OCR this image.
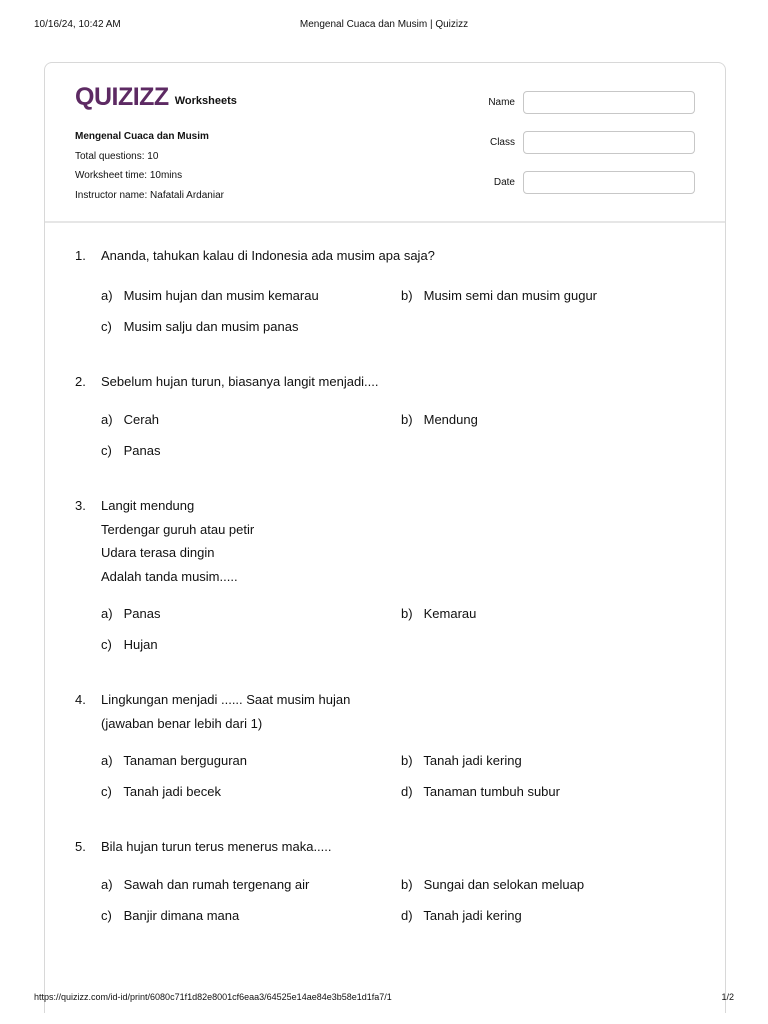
10/16/24, 10:42 AM	Mengenal Cuaca dan Musim | Quizizz
QUIZIZZ Worksheets
Mengenal Cuaca dan Musim
Total questions: 10
Worksheet time: 10mins
Instructor name: Nafatali Ardaniar
Name
Class
Date
1.	Ananda, tahukan kalau di Indonesia ada musim apa saja?
a) Musim hujan dan musim kemarau	b) Musim semi dan musim gugur
c) Musim salju dan musim panas
2.	Sebelum hujan turun, biasanya langit menjadi....
a) Cerah	b) Mendung
c) Panas
3.	Langit mendung
Terdengar guruh atau petir
Udara terasa dingin
Adalah tanda musim.....
a) Panas	b) Kemarau
c) Hujan
4.	Lingkungan menjadi ...... Saat musim hujan
(jawaban benar lebih dari 1)
a) Tanaman berguguran	b) Tanah jadi kering
c) Tanah jadi becek	d) Tanaman tumbuh subur
5.	Bila hujan turun terus menerus maka.....
a) Sawah dan rumah tergenang air	b) Sungai dan selokan meluap
c) Banjir dimana mana	d) Tanah jadi kering
https://quizizz.com/id-id/print/6080c71f1d82e8001cf6eaa3/64525e14ae84e3b58e1d1fa7/1	1/2
